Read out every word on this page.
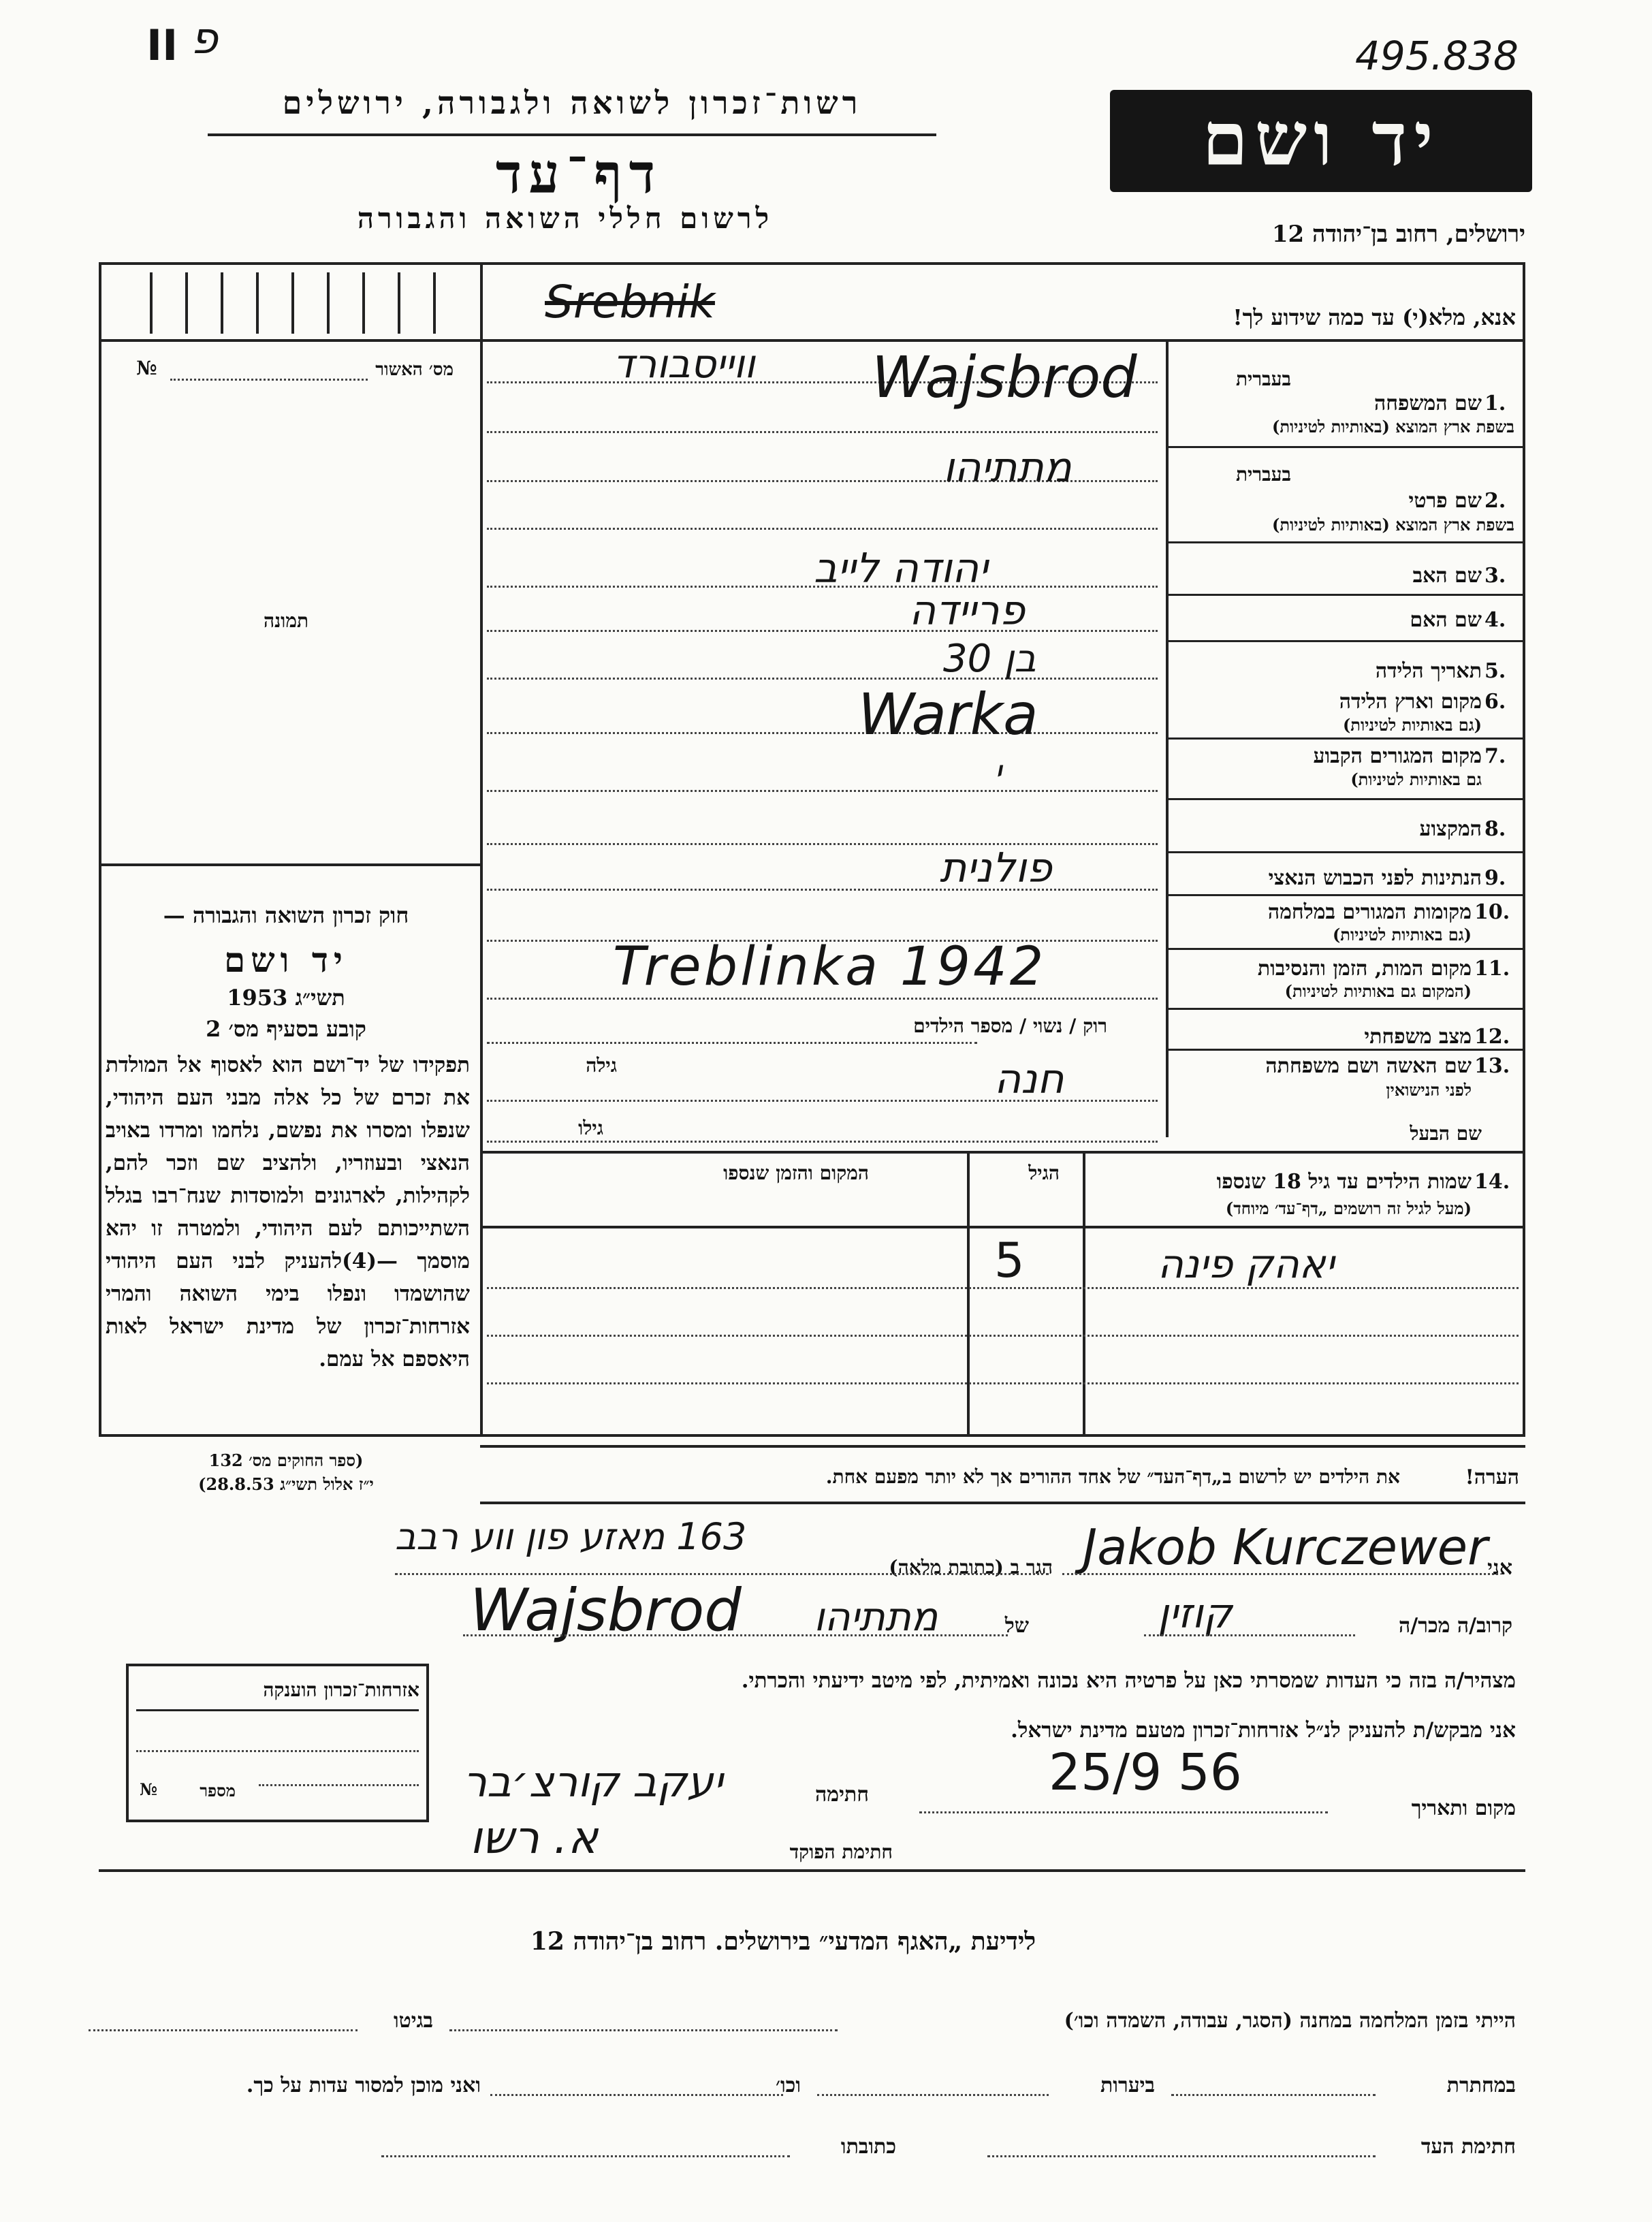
פ
II	495.838
רשות־זכרון לשואה ולגבורה, ירושלים
דף־עד
לרשום חללי השואה והגבורה
יד ושם
ירושלים, רחוב בן־יהודה 12
מס׳ האשור
№
תמונה
חוק זכרון השואה והגבורה —
יד ושם
תשי״ג 1953
קובע בסעיף מס׳ 2
תפקידו של יד־ושם הוא לאסוף אל המולדת את זכרם של כל אלה מבני העם היהודי, שנפלו ומסרו את נפשם, נלחמו ומרדו באויב הנאצי ובעוזריו, ולהציב שם וזכר להם, לקהילות, לארגונים ולמוסדות שנח־רבו בגלל השתייכותם לעם היהודי, ולמטרה זו יהא מוסמך —(4)להעניק לבני העם היהודי שהושמדו ונפלו בימי השואה והמרי אזרחות־זכרון של מדינת ישראל לאות היאספם אל עמם.
(ספר החוקים מס׳ 132
י״ז אלול תשי״ג 28.8.53)
אנא, מלא(י) עד כמה שידוע לך!
Srebnik
בעברית
1.
שם המשפחה
בשפת ארץ המוצא (באותיות לטיניות)
בעברית
2.
שם פרטי
בשפת ארץ המוצא (באותיות לטיניות)
3.
שם האב
4.
שם האם
5.
תאריך הלידה
6.
מקום וארץ הלידה
(גם באותיות לטיניות)
7.
מקום המגורים הקבוע
גם באותיות לטיניות)
8.
המקצוע
9.
הנתינות לפני הכבוש הנאצי
10.
מקומות המגורים במלחמה
(גם באותיות לטיניות)
11.
מקום המות, הזמן והנסיבות
(המקום גם באותיות לטיניות)
12.
מצב משפחתי
רוק / נשוי / מספר הילדים
13.
שם האשה ושם משפחתה
לפני הנישואין
גילה
גילו	שם הבעל
ווייסבורד Wajsbrod
מתתיהו
יהודה לייב
פריידה
בן 30
Warka
י
פולנית
Treblinka 1942
חנה
14.
שמות הילדים עד גיל 18 שנספו
(מעל לגיל זה רושמים „דף־עד׳ מיוחד)
הגיל
המקום והזמן שנספו
יאהק פינה
5
הערה!
את הילדים יש לרשום ב„דף־העד״ של אחד ההורים אך לא יותר מפעם אחת.
אני
Jakob Kurczewer
הגר ב (כתובת מלאה)
163 מאזע פון ווע רבב
קרוב/ה מכר/ה
קוזין
של
מתתיהו
Wajsbrod
מצהיר/ה בזה כי העדות שמסרתי כאן על פרטיה היא נכונה ואמיתית, לפי מיטב ידיעתי והכרתי.
אני מבקש/ת להעניק לנ״ל אזרחות־זכרון מטעם מדינת ישראל.
מקום ותאריך
25/9 56
חתימה
יעקב קורצ׳בר
חתימת הפוקד
א. רשו
אזרחות־זכרון הוענקה
מספר
№
לידיעת „האגף המדעי״ בירושלים. רחוב בן־יהודה 12
הייתי בזמן המלחמה במחנה (הסגר, עבודה, השמדה וכו׳)
בגיטו
במחתרת
ביערות
וכו׳
ואני מוכן למסור עדות על כך.
חתימת העד
כתובתו
